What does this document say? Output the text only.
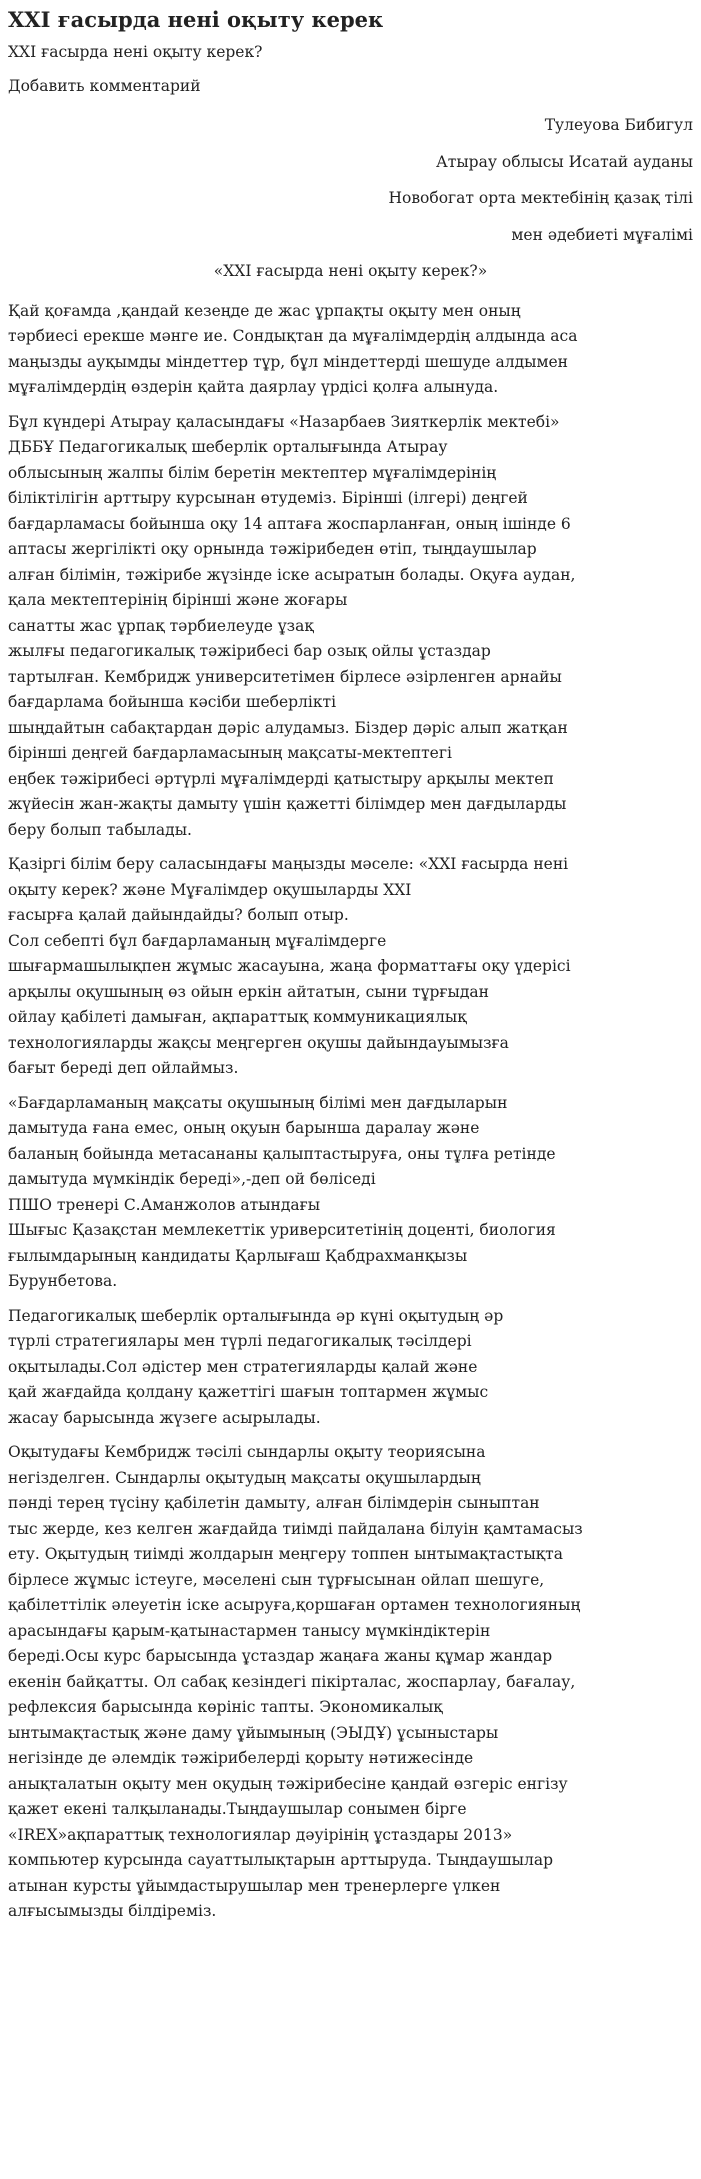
XXI ғасырда нені оқыту керек
XXI ғасырда нені оқыту керек?
Добавить комментарий
Тулеуова Бибигул
Атырау облысы Исатай ауданы
Новобогат орта мектебінің қазақ тілі
мен әдебиеті мұғалімі
«XXI ғасырда нені оқыту керек?»

Қай қоғамда ,қандай кезеңде де жас ұрпақты оқыту мен оның
тәрбиесі ерекше мәнге ие. Сондықтан да мұғалімдердің алдында аса
маңызды ауқымды міндеттер тұр, бұл міндеттерді шешуде алдымен
мұғалімдердің өздерін қайта даярлау үрдісі қолға алынуда.

Бұл күндері Атырау қаласындағы «Назарбаев Зияткерлік мектебі»
ДББҰ Педагогикалық шеберлік орталығында Атырау
облысының жалпы білім беретін мектептер мұғалімдерінің
біліктілігін арттыру курсынан өтудеміз. Бірінші (ілгері) деңгей
бағдарламасы бойынша оқу 14 аптаға жоспарланған, оның ішінде 6
аптасы жергілікті оқу орнында тәжірибеден өтіп, тыңдаушылар
алған білімін, тәжірибе жүзінде іске асыратын болады. Оқуға аудан,
қала мектептерінің бірінші және жоғары
санатты жас ұрпақ тәрбиелеуде ұзақ
жылғы педагогикалық тәжірибесі бар озық ойлы ұстаздар
тартылған. Кембридж университетімен бірлесе әзірленген арнайы
бағдарлама бойынша кәсіби шеберлікті
шыңдайтын сабақтардан дәріс алудамыз. Біздер дәріс алып жатқан
бірінші деңгей бағдарламасының мақсаты-мектептегі
еңбек тәжірибесі әртүрлі мұғалімдерді қатыстыру арқылы мектеп
жүйесін жан-жақты дамыту үшін қажетті білімдер мен дағдыларды
беру болып табылады.

Қазіргі білім беру саласындағы маңызды мәселе: «XXI ғасырда нені
оқыту керек? және Мұғалімдер оқушыларды XXI
ғасырға қалай дайындайды? болып отыр.
Сол себепті бұл бағдарламаның мұғалімдерге
шығармашылықпен жұмыс жасауына, жаңа форматтағы оқу үдерісі
арқылы оқушының өз ойын еркін айтатын, сыни тұрғыдан
ойлау қабілеті дамыған, ақпараттық коммуникациялық
технологияларды жақсы меңгерген оқушы дайындауымызға
бағыт береді деп ойлаймыз.

«Бағдарламаның мақсаты оқушының білімі мен дағдыларын
дамытуда ғана емес, оның оқуын барынша даралау және
баланың бойында метасананы қалыптастыруға, оны тұлға ретінде
дамытуда мүмкіндік береді»,-деп ой бөліседі
ПШО тренері С.Аманжолов атындағы
Шығыс Қазақстан мемлекеттік уриверситетінің доценті, биология
ғылымдарының кандидаты Қарлығаш Қабдрахманқызы
Бурунбетова.

Педагогикалық шеберлік орталығында әр күні оқытудың әр
түрлі стратегиялары мен түрлі педагогикалық тәсілдері
оқытылады.Сол әдістер мен стратегияларды қалай және
қай жағдайда қолдану қажеттігі шағын топтармен жұмыс
жасау барысында жүзеге асырылады.

Оқытудағы Кембридж тәсілі сындарлы оқыту теориясына
негізделген. Сындарлы оқытудың мақсаты оқушылардың
пәнді терең түсіну қабілетін дамыту, алған білімдерін сыныптан
тыс жерде, кез келген жағдайда тиімді пайдалана білуін қамтамасыз
ету. Оқытудың тиімді жолдарын меңгеру топпен ынтымақтастықта
бірлесе жұмыс істеуге, мәселені сын тұрғысынан ойлап шешуге,
қабілеттілік әлеуетін іске асыруға,қоршаған ортамен технологияның
арасындағы қарым-қатынастармен танысу мүмкіндіктерін
береді.Осы курс барысында ұстаздар жаңаға жаны құмар жандар
екенін байқатты. Ол сабақ кезіндегі пікірталас, жоспарлау, бағалау,
рефлексия барысында көрініс тапты. Экономикалық
ынтымақтастық және даму ұйымының (ЭЫДҰ) ұсыныстары
негізінде де әлемдік тәжірибелерді қорыту нәтижесінде
анықталатын оқыту мен оқудың тәжірибесіне қандай өзгеріс енгізу
қажет екені талқыланады.Тыңдаушылар сонымен бірге
«IREX»ақпараттық технологиялар дәуірінің ұстаздары 2013»
компьютер курсында сауаттылықтарын арттыруда. Тыңдаушылар
атынан курсты ұйымдастырушылар мен тренерлерге үлкен
алғысымызды білдіреміз.
